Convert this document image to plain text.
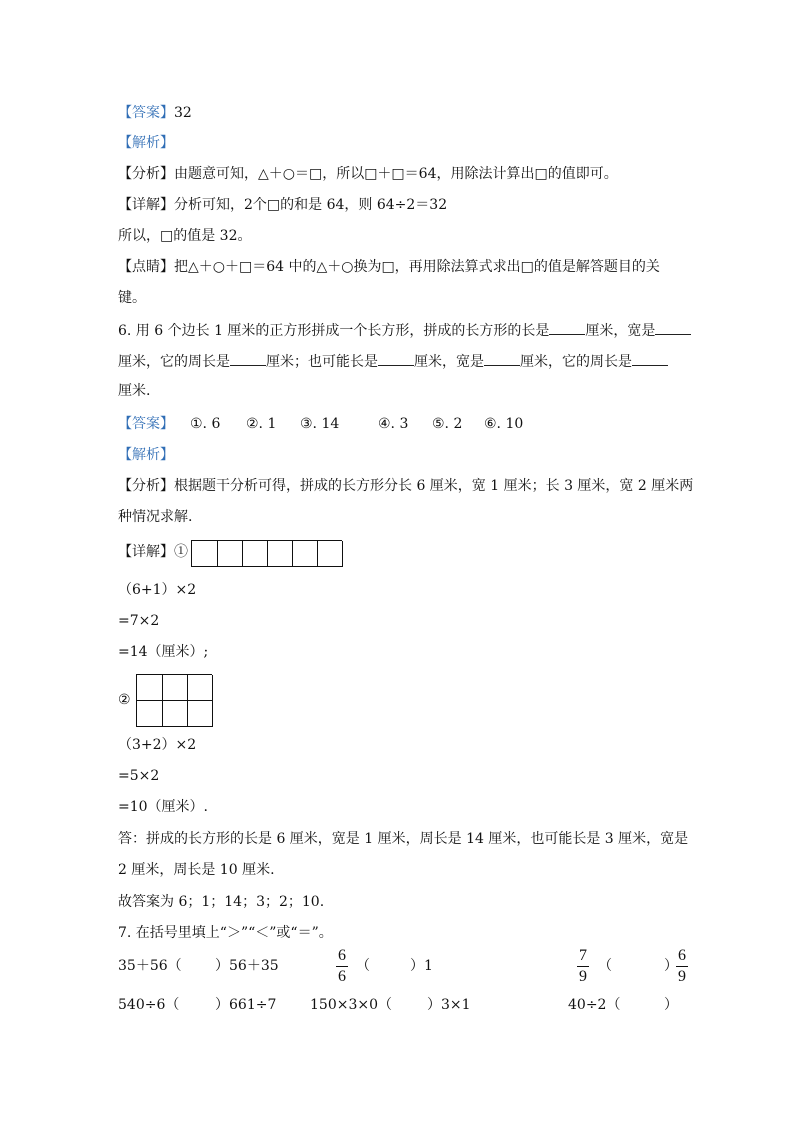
【答案】32
【解析】
【分析】由题意可知，△＋○＝□，所以□＋□＝64，用除法计算出□的值即可。
【详解】分析可知，2个□的和是 64，则 64÷2＝32
所以，□的值是 32。
【点睛】把△＋○＋□＝64 中的△＋○换为□，再用除法算式求出□的值是解答题目的关
键。
6. 用 6 个边长 1 厘米的正方形拼成一个长方形，拼成的长方形的长是	厘米，宽是
厘米，它的周长是	厘米；也可能长是	厘米，宽是	厘米，它的周长是
厘米.
【答案】 ①. 6 ②. 1 ③. 14	④. 3 ⑤. 2 ⑥. 10
【解析】
【分析】根据题干分析可得，拼成的长方形分长 6 厘米，宽 1 厘米；长 3 厘米，宽 2 厘米两
种情况求解.
【详解】①
（6+1）×2
=7×2
=14（厘米）;
②
（3+2）×2
=5×2
=10（厘米）.
答：拼成的长方形的长是 6 厘米，宽是 1 厘米，周长是 14 厘米，也可能长是 3 厘米，宽是
2 厘米，周长是 10 厘米.
故答案为 6；1；14；3；2；10.
7. 在括号里填上“＞”“＜”或“＝”。
35＋56（ ）56＋35
6
6
（	）1
7
9
（	）
6
9
540÷6（	）661÷7 150×3×0（	）3×1	40÷2（	）
